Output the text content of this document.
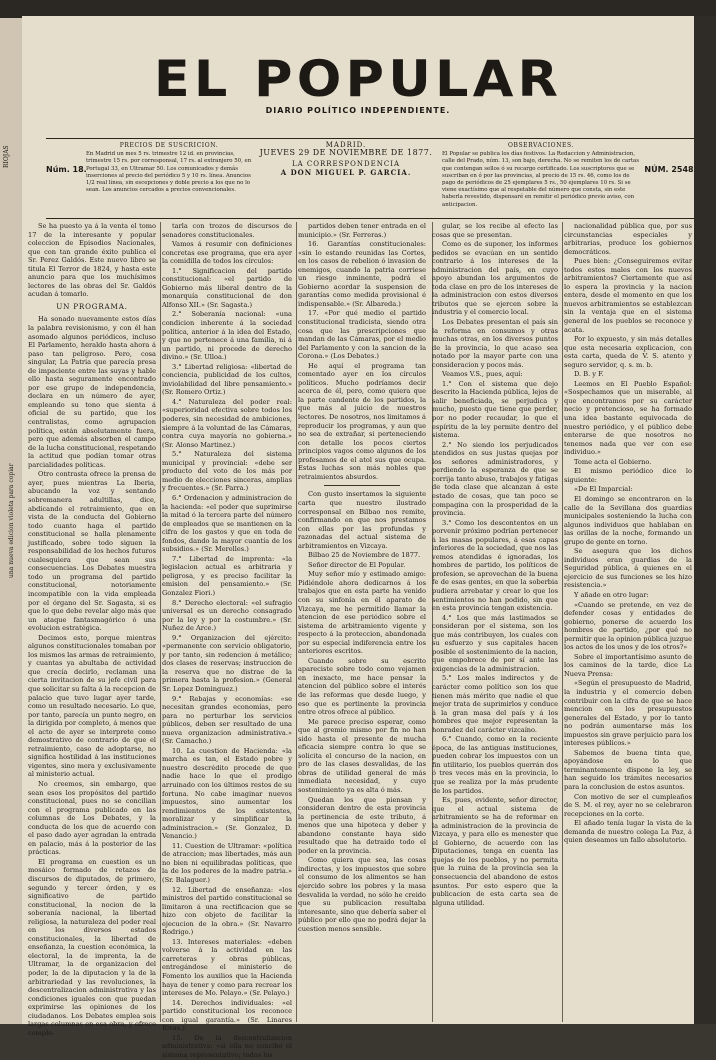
una nueva edicion violeta para copiar
RIOJAS
EL POPULAR
DIARIO POLÍTICO INDEPENDIENTE.
Núm. 18.
PRECIOS DE SUSCRICION.
En Madrid un mes 5 rs. trimestre 12 id. en provincias, trimestre 15 rs. por corresponsal, 17 rs. al extranjero 50, en Portugal 33, en Ultramar 50. Los comunicados y demás inserciones al precio del periódico 5 y 10 rs. línea. Anuncios 1/2 real línea, sin escepciones y doble precio a los que no lo sean. Los anuncios cercados a precios convencionales.
MADRID.
JUEVES 29 DE NOVIEMBRE DE 1877.
LA CORRESPONDENCIA
A DON MIGUEL P. GARCIA.
OBSERVACIONES.
El Popular se publica los días festivos. La Redaccion y Administracion, calle del Prado, núm. 13, son bajo, derecha. No se remiten los de cartas que contengan sellos ó su recargo certificado. Los suscriptores que se suscriban en ó por las provincias, al precio de 15 rs. 46, como los de pago de periódicos de 25 ejemplares 5 rs., 50 ejemplares 10 rs. Si se viene exactísimo que al respetable del número que consta, sin este haberla revestido, dispensaré en remitir el periódico previo aviso, con anticipacion.
NÚM. 2548

Se ha puesto ya á la venta el tomo 17 de la interesante y popular coleccion de Episodios Nacionales, que con tan grande éxito publica el Sr. Perez Galdós. Este nuevo libro se titula El Terror de 1824, y hasta este anuncio para que los muchísimos lectores de las obras del Sr. Galdós acudan á tomarlo.

UN PROGRAMA.

Ha sonado nuevamente estos días la palabra revisionismo, y con él han asomado algunos periódicos, incluso El Parlamento, heraldo hasta ahora á paso tan peligroso. Pero, cosa singular, La Patria que parecía presa de impaciente entre las suyas y hable ello hasta seguramente encontrado por ese grupo de independencia, declara en un número de ayer, empleando su tono que sienta á oficial de su partido, que los centralistas, como agrupacion política, están absolutamente fuera, pero que además absorben el campo de la lucha constitucional, respetando la actitud que podían tomar otras parcialidades políticas.

Otro contrasta ofrece la prensa de ayer, pues mientras La Iberia, abucando la voz y sentando sobremanera adultillas, dice, abdicando el retraimiento, que en vista de la conducta del Gobierno todo cuanto haga el partido constitucional se halla plenamente justificado, sobre todo siguen la responsabilidad de los hechos futuros cualesquiera que sean sus consecuencias. Los Debates muestra todo un programa del partido constitucional, notoriamente incompatible con la vida empleada por el órgano del Sr. Sagasta, si es que lo que debe revelar algo más que un ataque fantasmagórico ó una evolucion estratégica.

Decimos esto, porque mientras algunos constitucionales tomaban por los mismos las armas de retraimiento, y cuantas ya abultaba de actividad que crecía decirlo, reclaman una cierta invitacion de su jefe civil para que solicitar su falta á la recepcion de palacio que tuvo lugar ayer tarde, como un resultado necesario. Lo que, por tanto, parecía un punto negro, en la dirigida por completo, á menos que el acto de ayer se interprete como demostrativo de contrario de que el retraimiento, caso de adoptarse, no significa hostilidad á las instituciones vigentes, sino mera y exclusivamente al ministerio actual.

No creemos, sin embargo, que sean esos los propósitos del partido constitucional, pues no se concilian con el programa publicado en las columnas de Los Debates, y la conducta de los que de acuerdo con el paso dado ayer agradan la entrada en palacio, más á la posterior de las prácticas.

El programa en cuestion es un mosáico formado de retazos de discursos de diputados, de primero, segundo y tercer órden, y es significativo de partido constitucional, la nocion de la soberanía nacional, la libertad religiosa, la naturaleza del poder real en los diversos estados constitucionales, la libertad de enseñanza, la cuestion económica, la electoral, la de imprenta, la de Ultramar, la de organizacion del poder, la de la diputacion y la de la arbitrariedad y las revoluciones, la descentralizacion administrativa y las condiciones iguales con que puedan exprimirse las opiniones de los ciudadanos. Los Debates emplea sois largas columnas en esa obra, y ofrece comple-

tarla con trozos de discursos de senadores constitucionales.

Vamos á resumir con definiciones concretas ese programa, que era ayer la comidilla de todos los círculos:

1.° Significacion del partido constitucional: «el partido de Gobierno más liberal dentro de la monarquía constitucional de don Alfonso XII.» (Sr. Sagasta.)

2.° Soberanía nacional: «una condicion inherente á la sociedad política, anterior á la idea del Estado, y que no pertenece á una familia, ni á un partido, ni procede de derecho divino.» (Sr. Ulloa.)

3.° Libertad religiosa: «libertad de conciencia, publicidad de los cultos, inviolabilidad del libre pensamiento.» (Sr. Romero Ortiz.)

4.° Naturaleza del poder real: «superioridad efectiva sobre todos los poderes, sin necesidad de ambiciones, siempre á la voluntad de las Cámaras, contra cuya mayoría no gobierna.» (Sr. Alonso Martinez.)

5.° Naturaleza del sistema municipal y provincial: «debe ser producto del voto de los más por medio de elecciones sinceras, amplias y frecuentes.» (Sr. Parra.)

6.° Ordenacion y administracion de la hacienda: «el poder que suprimirse la mitad ó la tercera parte del número de empleados que se mantienen en la cifra de los gastos y que en toda de fondos, dando la mayor cuantía de los subsidios.» (Sr. Merelles.)

7.° Libertad de imprenta: «la legislacion actual es arbitraria y peligrosa, y es preciso facilitar la emision del pensamiento.» (Sr. Gonzalez Fiori.)

8.° Derecho electoral: «el sufragio universal es un derecho consagrado por la ley y por la costumbre.» (Sr. Nuñez de Arce.)

9.° Organizacion del ejército: «permanente con servicio obligatorio, y por tanto, sin redencion á metálico; dos clases de reservas; instruccion de la reserva que no distrae de la primera hasta la profesion.» (General Sr. Lopez Dominguez.)

9.° Rebajas y economías: «se necesitan grandes economías, pero para no perturbar los servicios públicos, deben ser resultado de una nueva organizacion administrativa.» (Sr. Camacho.)

10. La cuestion de Hacienda: «la marcha es tan, el Estado pobre y nuestro descrédito procede de que nadie hace lo que el prodigo arruinado con los últimos restos de su fortuna. No cabe imaginar nuevos impuestos, sino aumentar los rendimientos de los existentes, moralizar y simplificar la administracion.» (Sr. Gonzalez, D. Venancio.)

11. Cuestion de Ultramar: «política de atraccion; mas libertades, más aun no bien ni equilibradas políticas, que la de los poderes de la madre patria.» (Sr. Balaguer.)

12. Libertad de enseñanza: «los ministros del partido constitucional se limitaron á una rectificacion que se hizo con objeto de facilitar la ejecucion de la obra.» (Sr. Navarro Rodrigo.)

13. Intereses materiales: «deben volverse á la actividad en las carreteras y obras públicas, entregándose el ministerio de Fomento los auxilios que la Hacienda haya de tener y como para recrear los intereses de Mo. Pelayo.» (Sr. Pelayo.)

14. Derechos individuales: «el partido constitucional los reconoce con igual garantía.» (Sr. Linares Rivas.)

15. De la descentralizacion administrativa: «si ella no concibo el sistema representativo; todos los

partidos deben tener entrada en el municipio.» (Sr. Ferreras.)

16. Garantías constitucionales: «sin lo estando reunidas las Cortes, en los casos de rebelion ó invasion de enemigos, cuando la patria corriese un riesgo inminente, podrá el Gobierno acordar la suspension de garantías como medida provisional é indispensable.» (Sr. Albareda.)

17. «Por qué medio el partido constitucional tradicista, siendo otra cosa que las prescripciones que mandan de las Cámaras, por el medio del Parlamento y con la sancion de la Corona.» (Los Debates.)

He aquí el programa tan comentado ayer en los círculos políticos. Mucho podríamos decir acerca de él, pero, como quiera que la parte candente de los partidos, la que más al juicio de nuestros lectores. De nosotros, nos limitamos á reproducir los programas, y aun que no sea de extrañar, si perteneciendo con detalle los pocos ciertos principios vagos como algunos de los profesamos de el atol sus que ocupa. Estas luchas son más nobles que retraimientos absurdos.

Con gusto insertamos la siguiente carta que nuestro ilustrado corresponsal en Bilbao nos remite, confirmando en que nos prestamos con ellas por las profundas y razonadas del actual sistema de arbitramientos en Vizcaya.

Bilbao 25 de Noviembre de 1877.

Señor director de El Popular.

Muy señor mío y estimado amigo: Pidiéndole ahora dedicarnos á los trabajos que en esta parte ha venido con su sinfonía en él aparato de Vizcaya, me he permitido llamar la atencion de ese periódico sobre el sistema de arbitramiento vigente y respecto á la proteccion, abandonada por su especial indiferencia entre los anteriores escritos.

Cuando sobre su escrito apareciste sobre todo como vejamen en inexacto, me hace pensar la atencion del público sobre el interés de las reformas que desde luego, y eso que es pertinente la provincia entre otros ofrece al público.

Me parece preciso esperar, como que al gremio mismo por fin no han sido hasta el presente de mucha eficacia siempre contra lo que se solicita el concurso de la nacion, en pro de las clases desvalidas, de las obras de utilidad general de más inmediata necesidad, y cuyo sostenimiento ya es alta ó más.

Quedan los que piensan y consideran dentro de esta provincia la pertinencia de este tributo, á menos que una hipoteca y deber y abandono constante haya sido resultado que ha detraido todo el poder en la provincia.

Como quiera que sea, las cosas indirectas, y los impuestos que sobre el consumo de los alimentos se han ejercido sobre los pobres y la masa desvalida la verdad, no sólo he creido que su publicacion resultaba interesante, sino que debería saber el público por ello que no podrá dejar la cuestion menos sensible.

gular, se los recibe al efecto las cosas que se presentan.

Como es de suponer, los informes pedidos se evacúan en un sentido contrario á los intereses de la administracion del país, en cuyo apoyo abundan los argumentos de toda clase en pro de los intereses de la administracion con estos diversos tributos que se ejercen sobre la industria y el comercio local.

Los Debates presentan el país sin la reforma en consumos y otras muchas otras, en los diversos puntos de la provincia, lo que acaso sea notado por la mayor parte con una consideracion y pocos más.

Veamos V.S., pues, aquí:

1.° Con el sistema que dejo descrito la Hacienda pública, lejos de salir beneficiada, se perjudica y mucho, puesto que tiene que perder, por no poder recaudar, lo que el espíritu de la ley permite dentro del sistema.

2.° No siendo los perjudicados atendidos en sus justas quejas por los señores administradores, y perdiendo la esperanza de que se corrija tanto abuso, trabajos y fatigas de toda clase que alcanzan á este estado de cosas, que tan poco se compagina con la prosperidad de la provincia.

3.° Como los descontentos en un porvenir próximo podrían pertenecer á las masas populares, á esas capas inferiores de la sociedad, que nos las vemos atendidas é ignoradas, los hombres de partido, los políticos de profesion, se aprovechan de la buena fe de esas gentes, en que la soberbia pudiera arrebatar y crear lo que los sentimientos no han podido, sin que en esta provincia tengan existencia.

4.° Los que más lastimados se consideran por el sistema, son los que más contribuyen, los cuales con su esfuerzo y sus capitales hacen posible el sostenimiento de la nacion, que empobrece de por sí ante las exigencias de la administracion.

5.° Los males indirectos y de carácter como político son los que tienen más mérito que nadie el que mejor trata de suprimirlos y conduce á la gran masa del país y á los hombres que mejor representan la honradez del carácter vizcaíno.

6.° Cuando, como en la reciente época, de las antiguas instituciones, pueden cobrar los impuestos con un fin utilitario, los pueblos querrán dos ó tres veces más en la provincia, lo que se realiza por la más prudente de los partidos.

Es, pues, evidente, señor director, que el actual sistema de arbitramiento se ha de reformar en la administracion de la provincia de Vizcaya, y para ello es menester que el Gobierno, de acuerdo con las Diputaciones, tenga en cuenta las quejas de los pueblos, y no permita que la ruina de la provincia sea la consecuencia del abandono de estos asuntos. Por esto espero que la publicacion de esta carta sea de alguna utilidad.

nacionalidad pública que, por sus circunstancias especiales y arbitrarias, produce los gobiernos democráticos.

Pues bien: ¿Conseguiremos evitar todos estos males con los nuevos arbitramientos? Ciertamente que así lo espera la provincia y la nacion entera, desde el momento en que los nuevos arbitramientos se establezcan sin la ventaja que en el sistema general de los pueblos se reconoce y acata.

Por lo expuesto, y sin más detalles que esta necesaria explicacion, con esta carta, queda de V. S. atento y seguro servidor, q. s. m. b.

D. B. y F.

Leemos en El Pueblo Español: «Sospechamos que un miserable, al que encontramos por su carácter necio y pretencioso, se ha formado una idea bastante equivocada de nuestro periódico, y el público debe enterarse de que nosotros no tenemos nada que ver con ese individuo.»

Tome acta el Gobierno.

El mismo periódico dice lo siguiente:

«De El Imparcial:

El domingo se encontraron en la calle de la Sevillana dos guardias municipales sosteniendo la lucha con algunos individuos que hablaban en las orillas de la noche, formando un grupo de gente en torno.

Se asegura que los dichos individuos eran guardias de la Seguridad pública, á quienes en el ejercicio de sus funciones se les hizo resistencia.»

Y añade en otro lugar:

«Cuando se pretende, en vez de defender cosas y entidades de gobierno, ponerse de acuerdo los hombres de partido, ¿por qué no permitir que la opinion pública juzgue los actos de los unos y de los otros?»

Sobre el importantísimo asunto de los caminos de la tarde, dice La Nueva Prensa:

«Según el presupuesto de Madrid, la industria y el comercio deben contribuir con la cifra de que se hace mencion en los presupuestos generales del Estado, y por lo tanto no podrán aumentarse más los impuestos sin grave perjuicio para los intereses públicos.»

Sabemos de buena tinta que, apoyándose en lo que terminantemente dispone la ley, se han seguido los trámites necesarios para la conclusion de estos asuntos.

Con motivo de ser el cumpleaños de S. M. el rey, ayer no se celebraron recepciones en la corte.

El añado tenía lugar la vista de la demanda de nuestro colega La Paz, á quien deseamos un fallo absolutorio.
